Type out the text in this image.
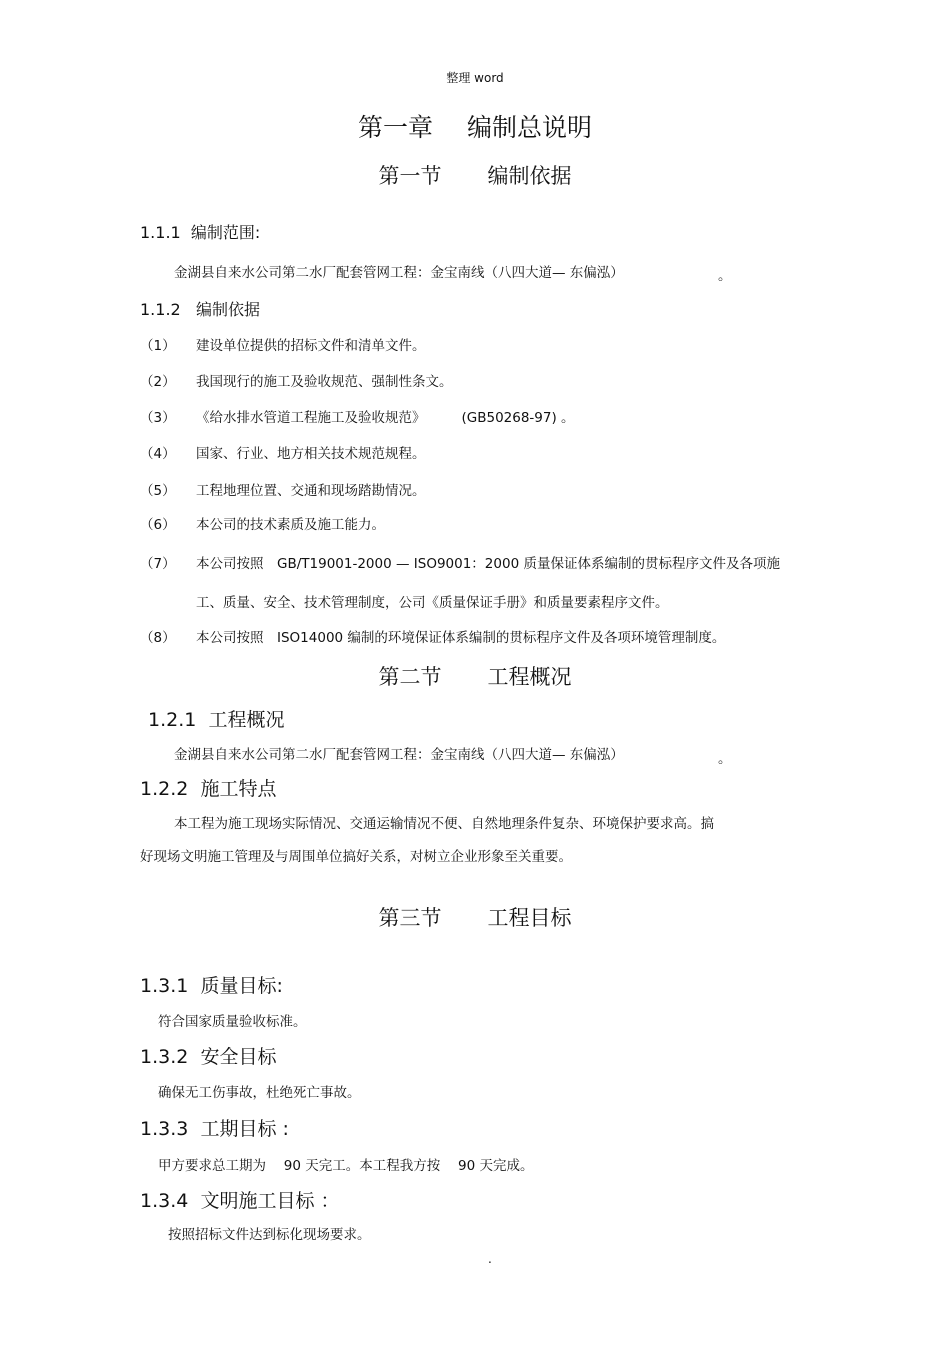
整理 word
第一章 编制总说明
第一节 编制依据
1.1.1 编制范围:
金湖县自来水公司第二水厂配套管网工程：金宝南线（八四大道— 东偏泓）	。
1.1.2 编制依据
（1） 建设单位提供的招标文件和清单文件。
（2） 我国现行的施工及验收规范、强制性条文。
（3） 《给水排水管道工程施工及验收规范》	(GB50268-97) 。
（4） 国家、行业、地方相关技术规范规程。
（5） 工程地理位置、交通和现场踏勘情况。
（6） 本公司的技术素质及施工能力。
（7） 本公司按照　GB/T19001-2000 — ISO9001：2000 质量保证体系编制的贯标程序文件及各项施
工、质量、安全、技术管理制度，公司《质量保证手册》和质量要素程序文件。
（8） 本公司按照　ISO14000 编制的环境保证体系编制的贯标程序文件及各项环境管理制度。
第二节 工程概况
1.2.1 工程概况
金湖县自来水公司第二水厂配套管网工程：金宝南线（八四大道— 东偏泓）	。
1.2.2 施工特点
本工程为施工现场实际情况、交通运输情况不便、自然地理条件复杂、环境保护要求高。搞
好现场文明施工管理及与周围单位搞好关系，对树立企业形象至关重要。
第三节 工程目标
1.3.1 质量目标:
符合国家质量验收标准。
1.3.2 安全目标
确保无工伤事故，杜绝死亡事故。
1.3.3 工期目标 :
甲方要求总工期为　 90 天完工。本工程我方按　 90 天完成。
1.3.4 文明施工目标 ：
按照招标文件达到标化现场要求。
.
